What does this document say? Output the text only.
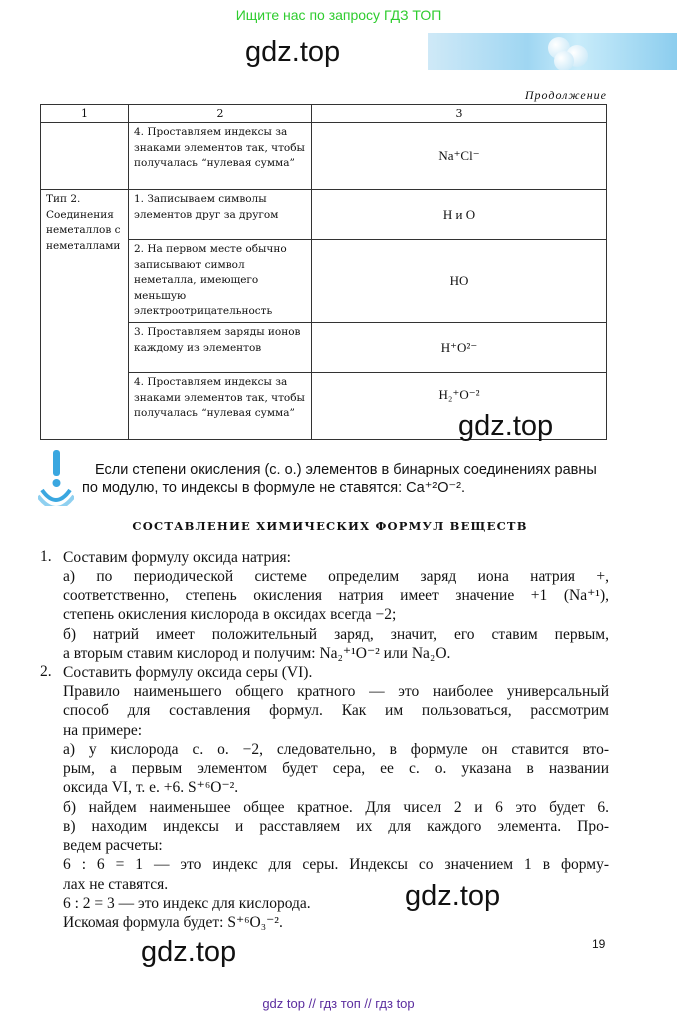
Ищите нас по запросу ГДЗ ТОП
gdz.top
Продолжение
1	2	3
	4. Проставляем индексы за знаками элементов так, чтобы получалась “нулевая сумма”	Na⁺Cl⁻
Тип 2. Соединения неметаллов с неметаллами	1. Записываем символы элементов друг за другом	H и O
	2. На первом месте обычно записывают символ неметалла, имеющего меньшую электроотрицательность	HO
	3. Проставляем заряды ионов каждому из элементов	H⁺O²⁻
	4. Проставляем индексы за знаками элементов так, чтобы получалась “нулевая сумма”	H₂⁺O⁻²
gdz.top
Если степени окисления (с. о.) элементов в бинарных соединениях равны
по модулю, то индексы в формуле не ставятся: Ca⁺²O⁻².
СОСТАВЛЕНИЕ ХИМИЧЕСКИХ ФОРМУЛ ВЕЩЕСТВ
1. Составим формулу оксида натрия:
а) по периодической системе определим заряд иона натрия +,
соответственно, степень окисления натрия имеет значение +1 (Na⁺¹),
степень окисления кислорода в оксидах всегда −2;
б) натрий имеет положительный заряд, значит, его ставим первым,
а вторым ставим кислород и получим: Na₂⁺¹O⁻² или Na₂O.
2. Составить формулу оксида серы (VI).
Правило наименьшего общего кратного — это наиболее универсальный
способ для составления формул. Как им пользоваться, рассмотрим
на примере:
а) у кислорода с. о. −2, следовательно, в формуле он ставится вто-
рым, а первым элементом будет сера, ее с. о. указана в названии
оксида VI, т. е. +6. S⁺⁶O⁻².
б) найдем наименьшее общее кратное. Для чисел 2 и 6 это будет 6.
в) находим индексы и расставляем их для каждого элемента. Про-
ведем расчеты:
6 : 6 = 1 — это индекс для серы. Индексы со значением 1 в форму-
лах не ставятся.
6 : 2 = 3 — это индекс для кислорода.
Искомая формула будет: S⁺⁶O₃⁻².
gdz.top
gdz.top	19
gdz top // гдз топ // гдз top
